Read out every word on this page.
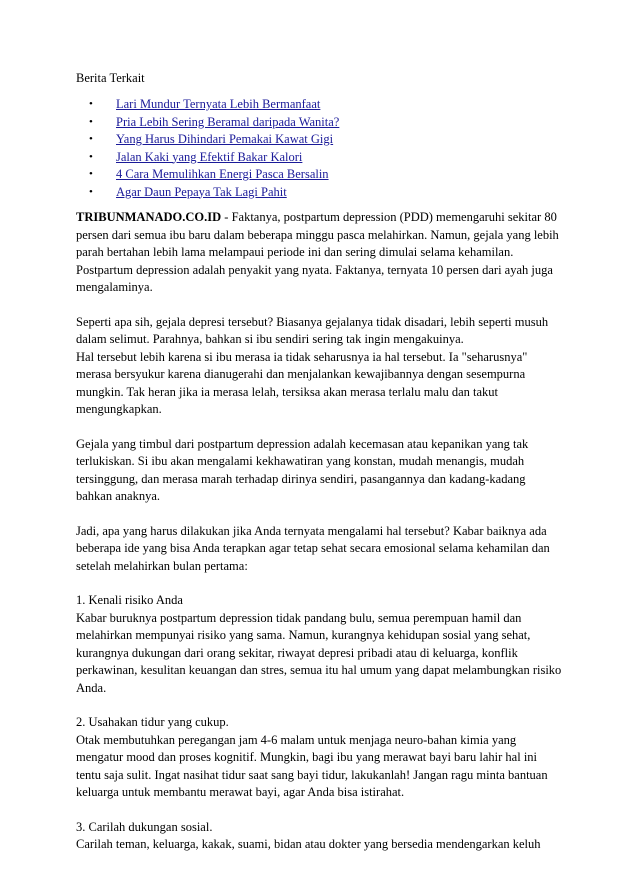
Berita Terkait
• Lari Mundur Ternyata Lebih Bermanfaat
• Pria Lebih Sering Beramal daripada Wanita?
• Yang Harus Dihindari Pemakai Kawat Gigi
• Jalan Kaki yang Efektif Bakar Kalori
• 4 Cara Memulihkan Energi Pasca Bersalin
• Agar Daun Pepaya Tak Lagi Pahit
TRIBUNMANADO.CO.ID - Faktanya, postpartum depression (PDD) memengaruhi sekitar 80
persen dari semua ibu baru dalam beberapa minggu pasca melahirkan. Namun, gejala yang lebih
parah bertahan lebih lama melampaui periode ini dan sering dimulai selama kehamilan.
Postpartum depression adalah penyakit yang nyata. Faktanya, ternyata 10 persen dari ayah juga
mengalaminya.
Seperti apa sih, gejala depresi tersebut? Biasanya gejalanya tidak disadari, lebih seperti musuh
dalam selimut. Parahnya, bahkan si ibu sendiri sering tak ingin mengakuinya.
Hal tersebut lebih karena si ibu merasa ia tidak seharusnya ia hal tersebut. Ia "seharusnya"
merasa bersyukur karena dianugerahi dan menjalankan kewajibannya dengan sesempurna
mungkin. Tak heran jika ia merasa lelah, tersiksa akan merasa terlalu malu dan takut
mengungkapkan.
Gejala yang timbul dari postpartum depression adalah kecemasan atau kepanikan yang tak
terlukiskan. Si ibu akan mengalami kekhawatiran yang konstan, mudah menangis, mudah
tersinggung, dan merasa marah terhadap dirinya sendiri, pasangannya dan kadang-kadang
bahkan anaknya.
Jadi, apa yang harus dilakukan jika Anda ternyata mengalami hal tersebut? Kabar baiknya ada
beberapa ide yang bisa Anda terapkan agar tetap sehat secara emosional selama kehamilan dan
setelah melahirkan bulan pertama:
1. Kenali risiko Anda
Kabar buruknya postpartum depression tidak pandang bulu, semua perempuan hamil dan
melahirkan mempunyai risiko yang sama. Namun, kurangnya kehidupan sosial yang sehat,
kurangnya dukungan dari orang sekitar, riwayat depresi pribadi atau di keluarga, konflik
perkawinan, kesulitan keuangan dan stres, semua itu hal umum yang dapat melambungkan risiko
Anda.
2. Usahakan tidur yang cukup.
Otak membutuhkan peregangan jam 4-6 malam untuk menjaga neuro-bahan kimia yang
mengatur mood dan proses kognitif. Mungkin, bagi ibu yang merawat bayi baru lahir hal ini
tentu saja sulit. Ingat nasihat tidur saat sang bayi tidur, lakukanlah! Jangan ragu minta bantuan
keluarga untuk membantu merawat bayi, agar Anda bisa istirahat.
3. Carilah dukungan sosial.
Carilah teman, keluarga, kakak, suami, bidan atau dokter yang bersedia mendengarkan keluh
